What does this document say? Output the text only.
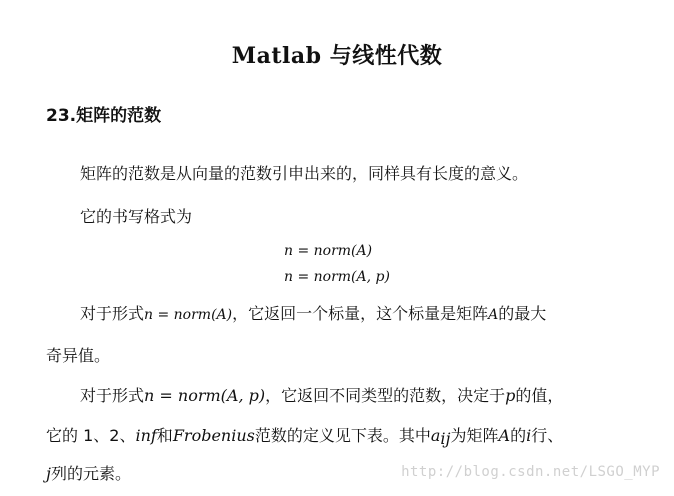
Matlab 与线性代数
23.矩阵的范数
矩阵的范数是从向量的范数引申出来的，同样具有长度的意义。
它的书写格式为
n = norm(A)
n = norm(A, p)
对于形式n = norm(A)，它返回一个标量，这个标量是矩阵A的最大
奇异值。
对于形式n = norm(A, p)，它返回不同类型的范数，决定于p的值，
它的 1、2、inf和Frobenius范数的定义见下表。其中$a_{ij}$为矩阵A的i行、
j列的元素。	http://blog.csdn.net/LSGO_MYP
